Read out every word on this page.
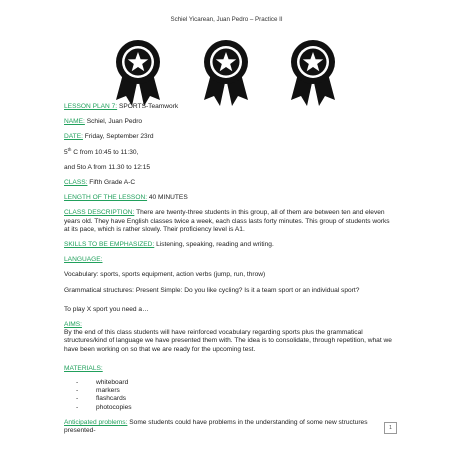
Schiel Yicarean, Juan Pedro – Practice II

LESSON PLAN 7: SPORTS-Teamwork

NAME: Schiel, Juan Pedro

DATE: Friday, September 23rd

5th C from 10:45 to 11:30,

and 5to A from 11.30 to 12:15

CLASS: Fifth Grade A-C

LENGTH OF THE LESSON: 40 MINUTES

CLASS DESCRIPTION: There are twenty-three students in this group, all of them are between ten and eleven years old. They have English classes twice a week, each class lasts forty minutes. This group of students works at its pace, which is rather slowly. Their proficiency level is A1.

SKILLS TO BE EMPHASIZED: Listening, speaking, reading and writing.

LANGUAGE:

Vocabulary: sports, sports equipment, action verbs (jump, run, throw)

Grammatical structures: Present Simple: Do you like cycling? Is it a team sport or an individual sport?

To play X sport you need a…

AIMS:

By the end of this class students will have reinforced vocabulary regarding sports plus the grammatical structures/kind of language we have presented them with. The idea is to consolidate, through repetition, what we have been working on so that we are ready for the upcoming test.

MATERIALS:

- whiteboard
- markers
- flashcards
- photocopies

Anticipated problems: Some students could have problems in the understanding of some new structures presented-	1
